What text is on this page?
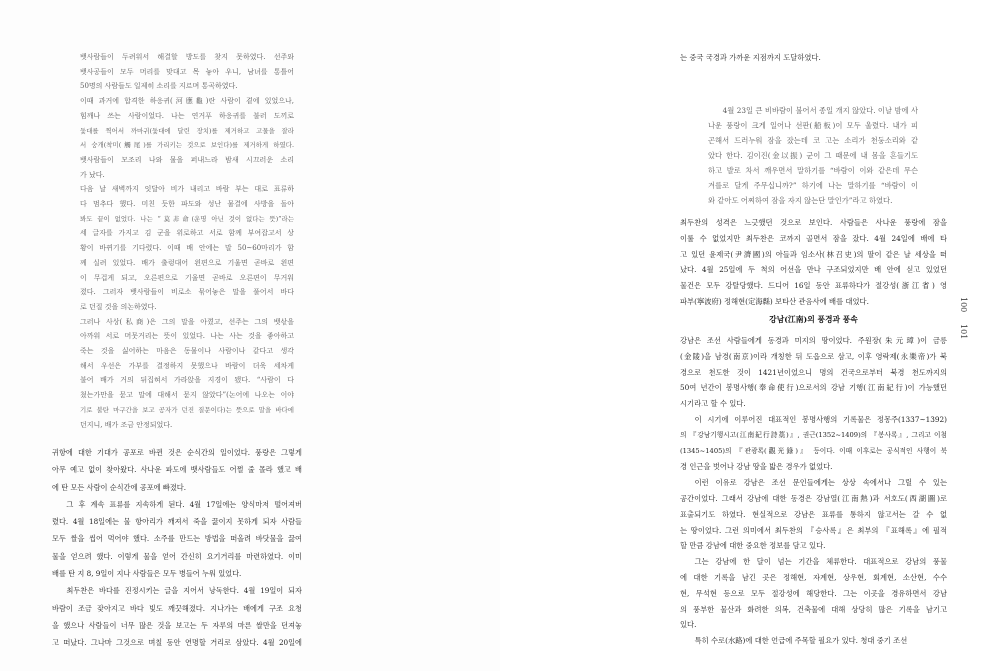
뱃사람들이 두려워서 해결할 방도를 찾지 못하였다. 선주와
뱃사공들이 모두 머리를 맞대고 목 놓아 우니, 남녀를 통틀어
50명의 사람들도 일제히 소리를 지르며 통곡하였다.
이때 과거에 합격한 하응귀(河應龜)란 사람이 곁에 있었으나,
힘깨나 쓰는 사람이었다. 나는 연거푸 하응귀를 불러 도끼로
돛대를 찍어서 까마귀(돛대에 달린 장치)를 제거하고 고물을 잘라
서 숭개(착미(觸尾)를 가리키는 것으로 보인다)를 제거하게 하였다.
뱃사람들이 모조리 나와 물을 퍼내느라 밤새 시끄러운 소리
가 났다.
다음 날 새벽까지 잇달아 비가 내리고 바람 부는 대로 표류하
다 멈추다 했다. 미친 듯한 파도와 성난 물결에 사방을 돌아
봐도 끝이 없었다. 나는 “莫非命(운명 아닌 것이 없다는 뜻)”라는
세 글자를 가지고 김 군을 위로하고 서로 함께 부여잡고서 상
황이 바뀌기를 기다렸다. 이때 배 안에는 말 50~60마리가 함
께 실려 있었다. 배가 출렁대어 왼편으로 기울면 곧바로 왼편
이 무겁게 되고, 오른편으로 기울면 곧바로 오른편이 무거워
졌다. 그러자 뱃사람들이 비로소 묶어놓은 말을 풀어서 바다
로 던질 것을 의논하였다.
그러나 사상(私商)은 그의 말을 아꼈고, 선주는 그의 뱃삯을
아까워 서로 머뭇거리는 뜻이 있었다. 나는 사는 것을 좋아하고
죽는 것을 싫어하는 마음은 동물이나 사람이나 같다고 생각
해서 우선은 가부를 결정하지 못했으나 바람이 더욱 세차게
불어 배가 거의 뒤집혀서 가라앉을 지경이 됐다. “사람이 다
쳤는가만을 묻고 말에 대해서 묻지 않았다”(논어에 나오는 이야
기로 불탄 마구간을 보고 공자가 던진 질문이다)는 뜻으로 말을 바다에
던지니, 배가 조금 안정되었다.
귀항에 대한 기대가 공포로 바뀐 것은 순식간의 일이었다. 풍랑은 그렇게
아무 예고 없이 찾아왔다. 사나운 파도에 뱃사람들도 어쩔 줄 몰라 했고 배
에 탄 모든 사람이 순식간에 공포에 빠졌다.
그 후 계속 표류를 지속하게 된다. 4월 17일에는 양식마저 떨어져버
렸다. 4월 18일에는 물 항아리가 깨져서 죽을 끓이지 못하게 되자 사람들
모두 쌀을 씹어 먹어야 했다. 소주를 만드는 방법을 떠올려 바닷물을 끓여
물을 얻으려 했다. 이렇게 물을 얻어 간신히 요기거리를 마련하였다. 이미
배를 탄 지 8, 9일이 지나 사람들은 모두 병들어 누워 있었다.
최두찬은 바다를 진정시키는 글을 지어서 낭독한다. 4월 19일이 되자
바람이 조금 잦아지고 바다 빛도 깨끗해졌다. 지나가는 배에게 구조 요청
을 했으나 사람들이 너무 많은 것을 보고는 두 자루의 마른 쌀만을 던져놓
고 떠났다. 그나마 그것으로 며칠 동안 연명할 거리로 삼았다. 4월 20일에
는 중국 국경과 가까운 지점까지 도달하였다.
4월 23일 큰 비바람이 불어서 종일 개지 않았다. 이날 밤에 사
나운 풍랑이 크게 일어나 선판(船板)이 모두 울렸다. 내가 피
곤해서 드러누워 잠을 잤는데 코 고는 소리가 천둥소리와 같
았다 한다. 김이진(金以振) 군이 그 때문에 내 몸을 흔들기도
하고 발로 차서 깨우면서 말하기를 “바람이 이와 같은데 무슨
겨를로 달게 주무십니까?” 하기에 나는 말하기를 “바람이 이
와 같아도 어찌하여 잠을 자지 않는단 말인가”라고 하였다.
최두찬의 성격은 느긋했던 것으로 보인다. 사람들은 사나운 풍랑에 잠을
이룰 수 없었지만 최두찬은 코까지 골면서 잠을 잤다. 4월 24일에 배에 타
고 있던 윤제국(尹濟國)의 아들과 임소사(林召史)의 딸이 같은 날 세상을 떠
났다. 4월 25일에 두 척의 어선을 만나 구조되었지만 배 안에 싣고 있었던
물건은 모두 강탈당했다. 드디어 16일 동안 표류하다가 절강성(浙江省) 영
파부(寧波府) 정해현(定海縣) 보타산 관음사에 배를 대었다.
강남(江南)의 풍경과 풍속
강남은 조선 사람들에게 동경과 미지의 땅이었다. 주원장(朱元璋)이 금릉
(金陵)을 남경(南京)이라 개칭한 뒤 도읍으로 삼고, 이후 영락제(永樂帝)가 북
경으로 천도한 것이 1421년이었으니 명의 건국으로부터 북경 천도까지의
50여 년간이 봉명사행(奉命使行)으로서의 강남 기행(江南紀行)이 가능했던
시기라고 할 수 있다.
이 시기에 이루어진 대표적인 봉명사행의 기록물은 정몽주(1337~1392)
의 『강남기행시고(江南紀行詩藁)』, 권근(1352~1409)의 『봉사록』, 그리고 이첨
(1345~1405)의 『관광록(觀光錄)』 등이다. 이때 이후로는 공식적인 사행이 북
경 인근을 벗어나 강남 땅을 밟은 경우가 없었다.
이런 이유로 강남은 조선 문인들에게는 상상 속에서나 그릴 수 있는
공간이었다. 그래서 강남에 대한 동경은 강남열(江南熱)과 서호도(西湖圖)로
표출되기도 하였다. 현실적으로 강남은 표류를 통하지 않고서는 갈 수 없
는 땅이었다. 그런 의미에서 최두찬의 『승사록』은 최부의 『표해록』에 필적
할 만큼 강남에 대한 중요한 정보를 담고 있다.
그는 강남에 한 달이 넘는 기간을 체류한다. 대표적으로 강남의 풍물
에 대한 기록을 남긴 곳은 정해현, 자계현, 상우현, 회계현, 소산현, 수수
현, 무석현 등으로 모두 절강성에 해당한다. 그는 이곳을 경유하면서 강남
의 풍부한 물산과 화려한 의복, 건축물에 대해 상당히 많은 기록을 남기고
있다.
특히 수로(水路)에 대한 언급에 주목할 필요가 있다. 청대 중기 조선
100
101
